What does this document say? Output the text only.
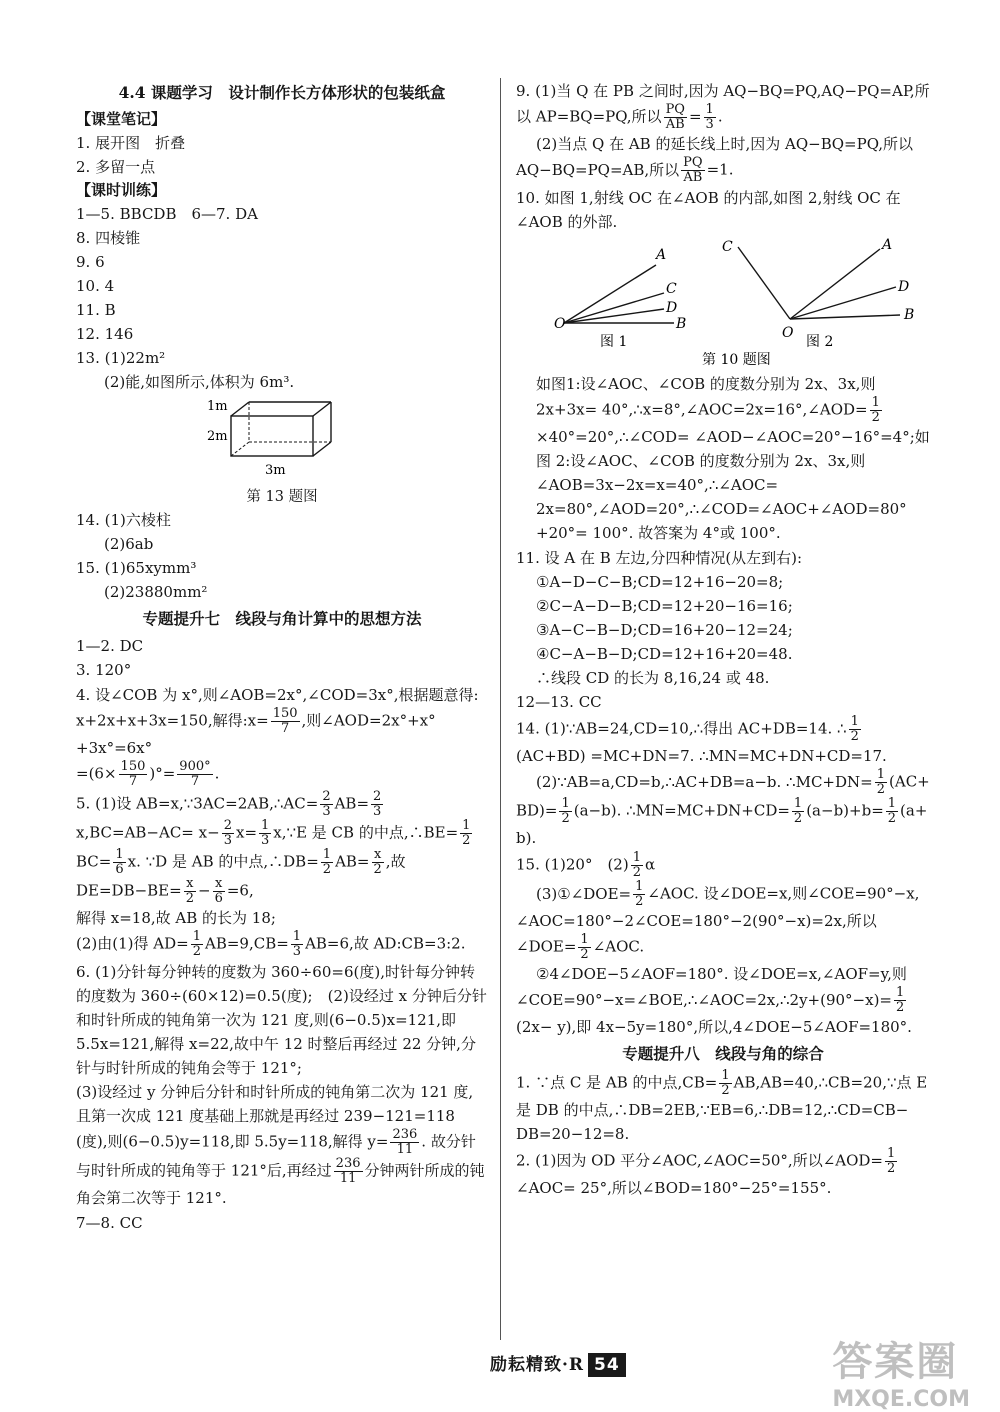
4.4 课题学习　设计制作长方体形状的包装纸盒
【课堂笔记】
1. 展开图　折叠
2. 多留一点
【课时训练】
1—5. BBCDB　6—7. DA
8. 四棱锥
9. 6
10. 4
11. B
12. 146
13. (1)22m²
(2)能,如图所示,体积为 6m³.
1m
2m
3m
第 13 题图
14. (1)六棱柱
(2)6ab
15. (1)65xymm³
(2)23880mm²
专题提升七　线段与角计算中的思想方法
1—2. DC
3. 120°
4. 设∠COB 为 x°,则∠AOB=2x°,∠COD=3x°,根据题意得:
x+2x+x+3x=150,解得:x= $\frac{150}{7}$ ,则∠AOD=2x°+x°+3x°=6x°
$=(6\times \frac{150}{7}$ )°= $\frac{900^\circ}{7}$ .
5. (1)设 AB=x,∵3AC=2AB,∴AC= $\frac{2}{3} AB= \frac{2}{3}$
$x,BC=AB-AC= x- \frac{2}{3} x= \frac{1}{3}$ x,∵E 是 CB 的中点,∴BE= $\frac{1}{2}$
$BC= \frac{1}{6} x$. ∵D 是 AB 的中点,∴DB= $\frac{1}{2} AB= \frac{x}{2}$ ,故 $DE=DB-BE= \frac{x}{2} - \frac{x}{6} =6$,
解得 x=18,故 AB 的长为 18;
(2)由(1)得 $AD= \frac{1}{2} AB=9,CB= \frac{1}{3} AB=6$,故 AD:CB=3:2.
6. (1)分针每分钟转的度数为 360÷60=6(度),时针每分钟转的度数为 360÷(60×12)=0.5(度);　(2)设经过 x 分钟后分针和时针所成的钝角第一次为 121 度,则(6−0.5)x=121,即 5.5x=121,解得 x=22,故中午 12 时整后再经过 22 分钟,分针与时针所成的钝角会等于 121°;
(3)设经过 y 分钟后分针和时针所成的钝角第二次为 121 度,且第一次成 121 度基础上那就是再经过 239−121=118 (度),则(6−0.5)y=118,即 5.5y=118,解得 $y= \frac{236}{11}$ . 故分针与时针所成的钝角等于 121°后,再经过 $\frac{236}{11}$ 分钟两针所成的钝角会第二次等于 121°.
7—8. CC
9. (1)当 Q 在 PB 之间时,因为 AQ−BQ=PQ,AQ−PQ=AP,所以 AP=BQ=PQ,所以 $\frac{PQ}{AB} = \frac{1}{3}$ .
(2)当点 Q 在 AB 的延长线上时,因为 AQ−BQ=PQ,所以 AQ−BQ=PQ=AB,所以 $\frac{PQ}{AB} =1$.
10. 如图 1,射线 OC 在∠AOB 的内部,如图 2,射线 OC 在∠AOB 的外部.
A
C
D
O	B
图 1
C	A
D
O
B
图 2
第 10 题图
如图1:设∠AOC、∠COB 的度数分别为 2x、3x,则 2x+3x= 40°,∴x=8°,∠AOC=2x=16°,∠AOD= $\frac{1}{2}$
×40°=20°,∴∠COD= ∠AOD−∠AOC=20°−16°=4°;如图 2:设∠AOC、∠COB 的度数分别为 2x、3x,则∠AOB=3x−2x=x=40°,∴∠AOC= 2x=80°,∠AOD=20°,∴∠COD=∠AOC+∠AOD=80°+20°= 100°. 故答案为 4°或 100°.
11. 设 A 在 B 左边,分四种情况(从左到右):
①A−D−C−B;CD=12+16−20=8;
②C−A−D−B;CD=12+20−16=16;
③A−C−B−D;CD=16+20−12=24;
④C−A−B−D;CD=12+16+20=48.
∴线段 CD 的长为 8,16,24 或 48.
12—13. CC
14. (1)∵AB=24,CD=10,∴得出 AC+DB=14. ∴ $\frac{1}{2}$
(AC+BD) =MC+DN=7. ∴MN=MC+DN+CD=17.
(2)∵AB=a,CD=b,∴AC+DB=a−b. ∴MC+DN= $\frac{1}{2} (AC+ BD)= \frac{1}{2} (a-b)$. ∴MN=MC+DN+CD= $\frac{1}{2} (a-b)+b= \frac{1}{2} (a+ b)$.
15. (1)20°　$(2) \frac{1}{2}$ α
(3)①∠DOE= $\frac{1}{2}$ ∠AOC. 设∠DOE=x,则∠COE=90°−x, ∠AOC=180°−2∠COE=180°−2(90°−x)=2x,所以∠DOE= $\frac{1}{2}$ ∠AOC.
②4∠DOE−5∠AOF=180°. 设∠DOE=x,∠AOF=y,则 ∠COE=90°−x=∠BOE,∴∠AOC=2x,∴2y+(90°−x)= $\frac{1}{2}$
(2x− y),即 4x−5y=180°,所以,4∠DOE−5∠AOF=180°.
专题提升八　线段与角的综合
1. ∵点 C 是 AB 的中点$,CB= \frac{1}{2}$ AB,AB=40,∴CB=20,∵点 E 是 DB 的中点,∴DB=2EB,∵EB=6,∴DB=12,∴CD=CB− DB=20−12=8.
2. (1)因为 OD 平分∠AOC,∠AOC=50°,所以∠AOD= $\frac{1}{2}$
∠AOC= 25°,所以∠BOD=180°−25°=155°.
励耘精致·R 54	答案圈
MXQE.COM
